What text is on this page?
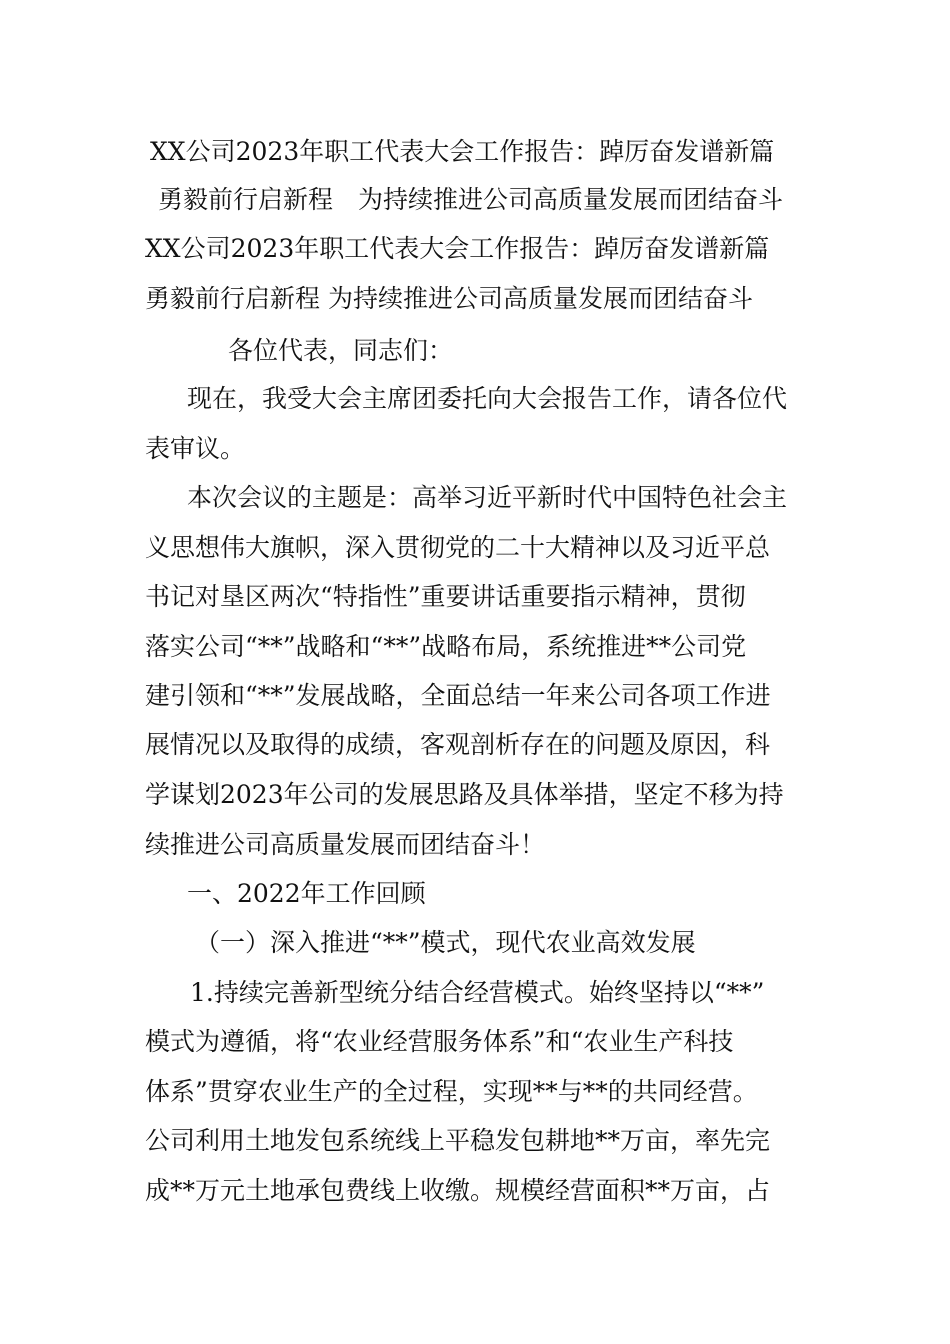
XX公司2023年职工代表大会工作报告：踔厉奋发谱新篇
勇毅前行启新程　为持续推进公司高质量发展而团结奋斗
XX公司2023年职工代表大会工作报告：踔厉奋发谱新篇
勇毅前行启新程 为持续推进公司高质量发展而团结奋斗
各位代表，同志们：
现在，我受大会主席团委托向大会报告工作，请各位代
表审议。
本次会议的主题是：高举习近平新时代中国特色社会主
义思想伟大旗帜，深入贯彻党的二十大精神以及习近平总
书记对垦区两次“特指性”重要讲话重要指示精神，贯彻
落实公司“**”战略和“**”战略布局，系统推进**公司党
建引领和“**”发展战略，全面总结一年来公司各项工作进
展情况以及取得的成绩，客观剖析存在的问题及原因，科
学谋划2023年公司的发展思路及具体举措，坚定不移为持
续推进公司高质量发展而团结奋斗！
一、2022年工作回顾
（一）深入推进“**”模式，现代农业高效发展
1.持续完善新型统分结合经营模式。始终坚持以“**”
模式为遵循，将“农业经营服务体系”和“农业生产科技
体系”贯穿农业生产的全过程，实现**与**的共同经营。
公司利用土地发包系统线上平稳发包耕地**万亩，率先完
成**万元土地承包费线上收缴。规模经营面积**万亩，占
